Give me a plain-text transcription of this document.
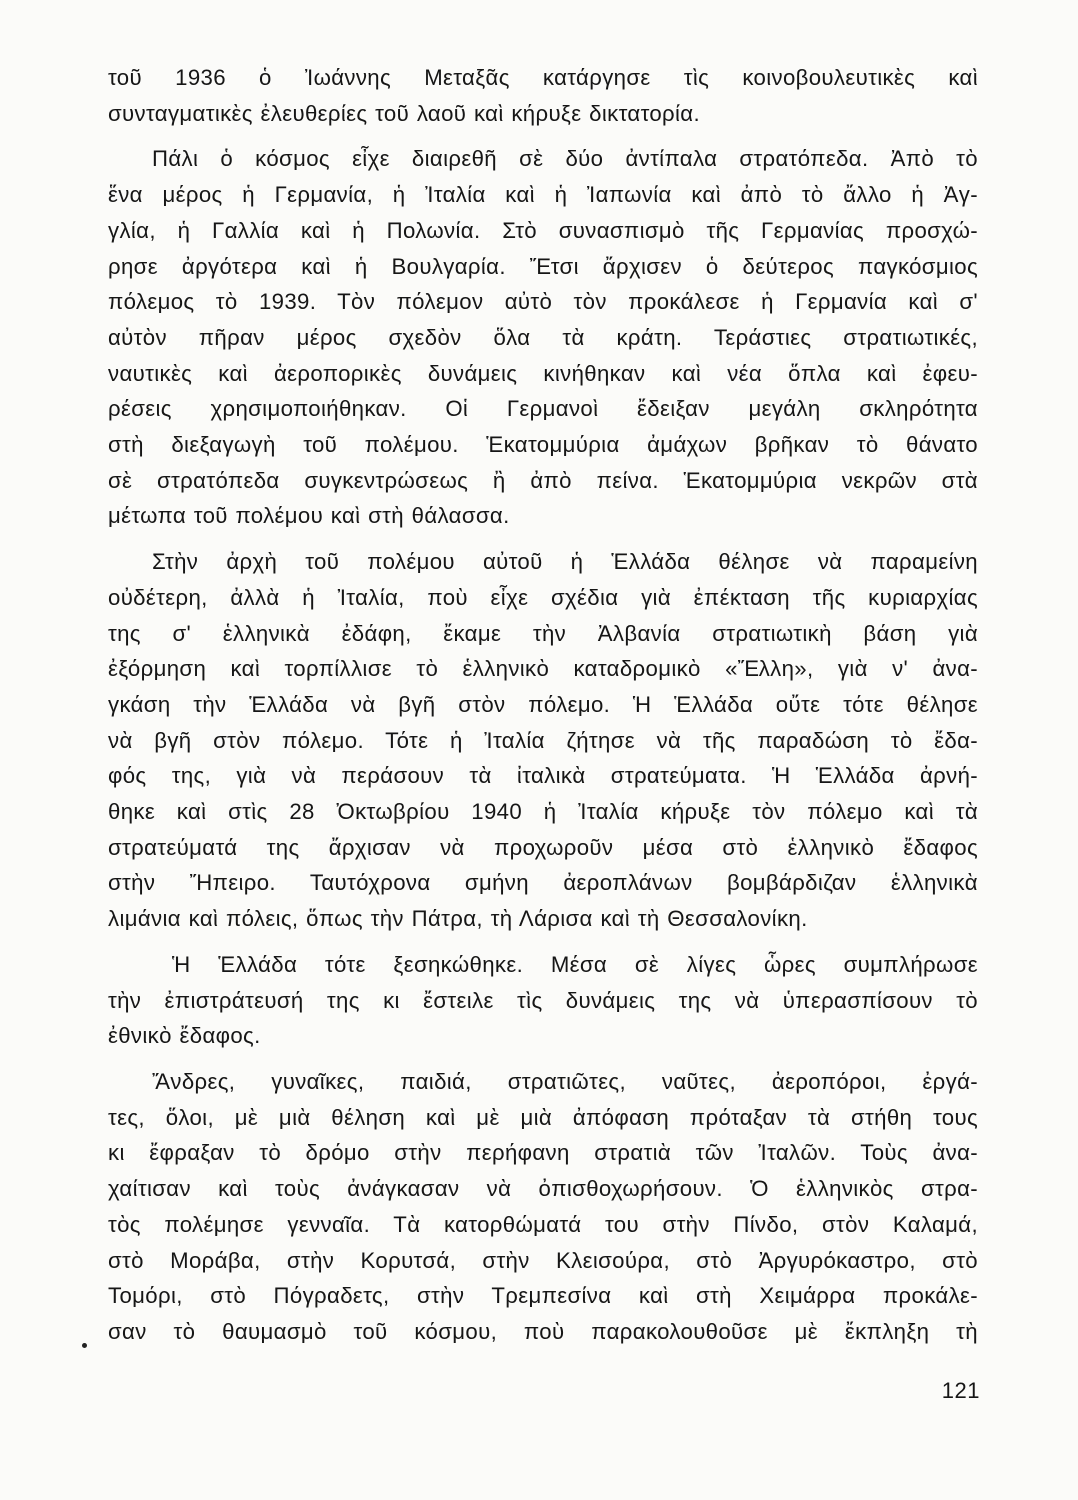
τοῦ 1936 ὁ Ἰωάννης Μεταξᾶς κατάργησε τὶς κοινοβουλευτικὲς καὶ
συνταγματικὲς ἐλευθερίες τοῦ λαοῦ καὶ κήρυξε δικτατορία.

Πάλι ὁ κόσμος εἶχε διαιρεθῆ σὲ δύο ἀντίπαλα στρατόπεδα. Ἀπὸ τὸ
ἕνα μέρος ἡ Γερμανία, ἡ Ἰταλία καὶ ἡ Ἰαπωνία καὶ ἀπὸ τὸ ἄλλο ἡ Ἀγ-
γλία, ἡ Γαλλία καὶ ἡ Πολωνία. Στὸ συνασπισμὸ τῆς Γερμανίας προσχώ-
ρησε ἀργότερα καὶ ἡ Βουλγαρία. Ἔτσι ἄρχισεν ὁ δεύτερος παγκόσμιος
πόλεμος τὸ 1939. Τὸν πόλεμον αὐτὸ τὸν προκάλεσε ἡ Γερμανία καὶ σ'
αὐτὸν πῆραν μέρος σχεδὸν ὅλα τὰ κράτη. Τεράστιες στρατιωτικές,
ναυτικὲς καὶ ἀεροπορικὲς δυνάμεις κινήθηκαν καὶ νέα ὅπλα καὶ ἐφευ-
ρέσεις χρησιμοποιήθηκαν. Οἱ Γερμανοὶ ἔδειξαν μεγάλη σκληρότητα
στὴ διεξαγωγὴ τοῦ πολέμου. Ἑκατομμύρια ἀμάχων βρῆκαν τὸ θάνατο
σὲ στρατόπεδα συγκεντρώσεως ἢ ἀπὸ πείνα. Ἑκατομμύρια νεκρῶν στὰ
μέτωπα τοῦ πολέμου καὶ στὴ θάλασσα.

Στὴν ἀρχὴ τοῦ πολέμου αὐτοῦ ἡ Ἑλλάδα θέλησε νὰ παραμείνη
οὐδέτερη, ἀλλὰ ἡ Ἰταλία, ποὺ εἶχε σχέδια γιὰ ἐπέκταση τῆς κυριαρχίας
της σ' ἑλληνικὰ ἐδάφη, ἔκαμε τὴν Ἀλβανία στρατιωτικὴ βάση γιὰ
ἐξόρμηση καὶ τορπίλλισε τὸ ἑλληνικὸ καταδρομικὸ «Ἔλλη», γιὰ ν' ἀνα-
γκάση τὴν Ἑλλάδα νὰ βγῆ στὸν πόλεμο. Ἡ Ἑλλάδα οὔτε τότε θέλησε
νὰ βγῆ στὸν πόλεμο. Τότε ἡ Ἰταλία ζήτησε νὰ τῆς παραδώση τὸ ἔδα-
φός της, γιὰ νὰ περάσουν τὰ ἰταλικὰ στρατεύματα. Ἡ Ἑλλάδα ἀρνή-
θηκε καὶ στὶς 28 Ὀκτωβρίου 1940 ἡ Ἰταλία κήρυξε τὸν πόλεμο καὶ τὰ
στρατεύματά της ἄρχισαν νὰ προχωροῦν μέσα στὸ ἑλληνικὸ ἔδαφος
στὴν Ἤπειρο. Ταυτόχρονα σμήνη ἀεροπλάνων βομβάρδιζαν ἑλληνικὰ
λιμάνια καὶ πόλεις, ὅπως τὴν Πάτρα, τὴ Λάρισα καὶ τὴ Θεσσαλονίκη.

Ἡ Ἑλλάδα τότε ξεσηκώθηκε. Μέσα σὲ λίγες ὧρες συμπλήρωσε
τὴν ἐπιστράτευσή της κι ἔστειλε τὶς δυνάμεις της νὰ ὑπερασπίσουν τὸ
ἐθνικὸ ἔδαφος.

Ἄνδρες, γυναῖκες, παιδιά, στρατιῶτες, ναῦτες, ἀεροπόροι, ἐργά-
τες, ὅλοι, μὲ μιὰ θέληση καὶ μὲ μιὰ ἀπόφαση πρόταξαν τὰ στήθη τους
κι ἔφραξαν τὸ δρόμο στὴν περήφανη στρατιὰ τῶν Ἰταλῶν. Τοὺς ἀνα-
χαίτισαν καὶ τοὺς ἀνάγκασαν νὰ ὀπισθοχωρήσουν. Ὁ ἑλληνικὸς στρα-
τὸς πολέμησε γενναῖα. Τὰ κατορθώματά του στὴν Πίνδο, στὸν Καλαμά,
στὸ Μοράβα, στὴν Κορυτσά, στὴν Κλεισούρα, στὸ Ἀργυρόκαστρο, στὸ
Τομόρι, στὸ Πόγραδετς, στὴν Τρεμπεσίνα καὶ στὴ Χειμάρρα προκάλε-
σαν τὸ θαυμασμὸ τοῦ κόσμου, ποὺ παρακολουθοῦσε μὲ ἔκπληξη τὴ

121
